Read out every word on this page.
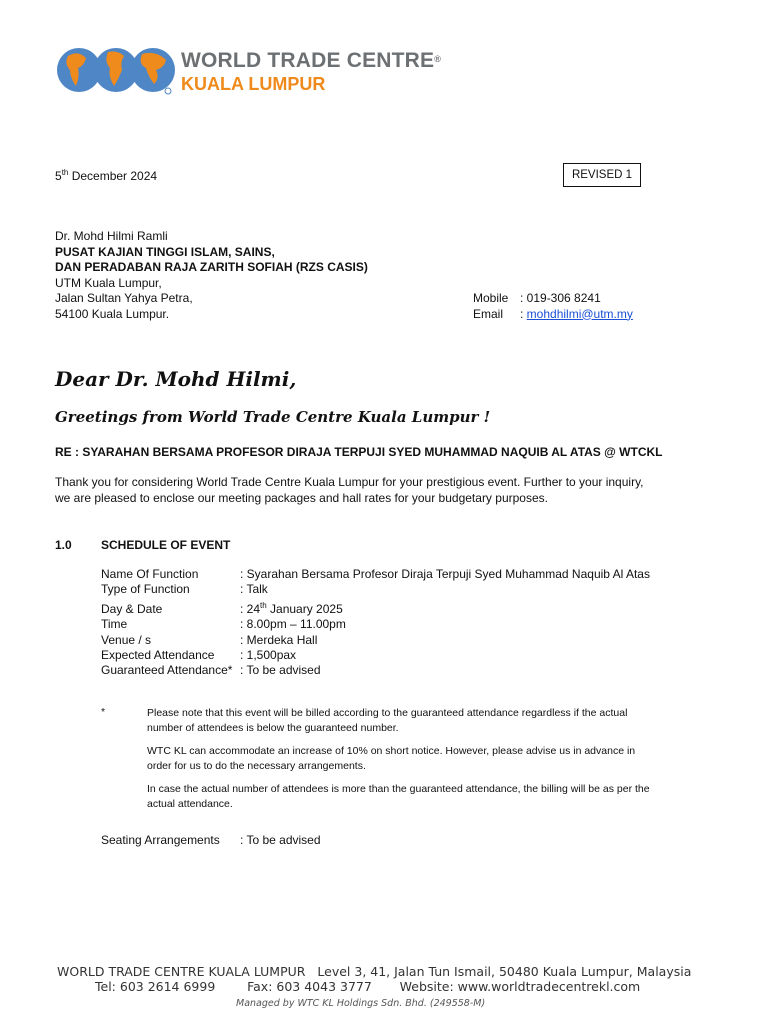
WORLD TRADE CENTRE®
KUALA LUMPUR
5th December 2024	REVISED 1
Dr. Mohd Hilmi Ramli
PUSAT KAJIAN TINGGI ISLAM, SAINS,
DAN PERADABAN RAJA ZARITH SOFIAH (RZS CASIS)
UTM Kuala Lumpur,
Jalan Sultan Yahya Petra,
54100 Kuala Lumpur.
Mobile : 019-306 8241
Email : mohdhilmi@utm.my
Dear Dr. Mohd Hilmi,
Greetings from World Trade Centre Kuala Lumpur !
RE : SYARAHAN BERSAMA PROFESOR DIRAJA TERPUJI SYED MUHAMMAD NAQUIB AL ATAS @ WTCKL
Thank you for considering World Trade Centre Kuala Lumpur for your prestigious event. Further to your inquiry, we are pleased to enclose our meeting packages and hall rates for your budgetary purposes.
1.0 SCHEDULE OF EVENT
Name Of Function	: Syarahan Bersama Profesor Diraja Terpuji Syed Muhammad Naquib Al Atas
Type of Function	: Talk
Day & Date	: 24th January 2025
Time	: 8.00pm – 11.00pm
Venue / s	: Merdeka Hall
Expected Attendance : 1,500pax
Guaranteed Attendance* : To be advised
*	Please note that this event will be billed according to the guaranteed attendance regardless if the actual number of attendees is below the guaranteed number.

WTC KL can accommodate an increase of 10% on short notice. However, please advise us in advance in order for us to do the necessary arrangements.

In case the actual number of attendees is more than the guaranteed attendance, the billing will be as per the actual attendance.

Seating Arrangements : To be advised
WORLD TRADE CENTRE KUALA LUMPUR Level 3, 41, Jalan Tun Ismail, 50480 Kuala Lumpur, Malaysia
Tel: 603 2614 6999	Fax: 603 4043 3777 Website: www.worldtradecentrekl.com
Managed by WTC KL Holdings Sdn. Bhd. (249558-M)
